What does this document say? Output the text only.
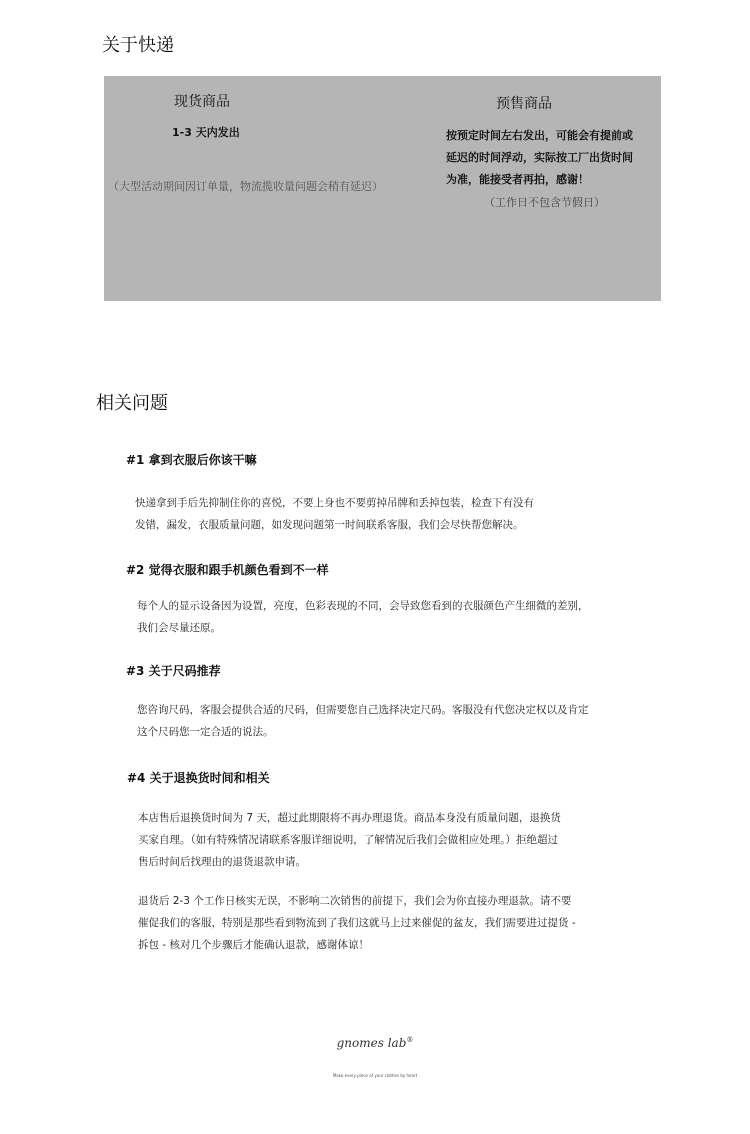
关于快递
现货商品
1-3 天内发出
（大型活动期间因订单量，物流揽收量问题会稍有延迟）
预售商品
按预定时间左右发出，可能会有提前或
延迟的时间浮动，实际按工厂出货时间
为准，能接受者再拍，感谢！
（工作日不包含节假日）
相关问题
#1 拿到衣服后你该干嘛
快递拿到手后先抑制住你的喜悦，不要上身也不要剪掉吊牌和丢掉包装，检查下有没有
发错，漏发，衣服质量问题，如发现问题第一时间联系客服，我们会尽快帮您解决。
#2 觉得衣服和跟手机颜色看到不一样
每个人的显示设备因为设置，亮度，色彩表现的不同，会导致您看到的衣服颜色产生细微的差别，
我们会尽量还原。
#3 关于尺码推荐
您咨询尺码，客服会提供合适的尺码，但需要您自己选择决定尺码。客服没有代您决定权以及肯定
这个尺码您一定合适的说法。
#4 关于退换货时间和相关
本店售后退换货时间为 7 天，超过此期限将不再办理退货。商品本身没有质量问题，退换货
买家自理。（如有特殊情况请联系客服详细说明，了解情况后我们会做相应处理。）拒绝超过
售后时间后找理由的退货退款申请。
退货后 2-3 个工作日核实无误，不影响二次销售的前提下，我们会为你直接办理退款。请不要
催促我们的客服，特别是那些看到物流到了我们这就马上过来催促的盆友，我们需要进过提货 -
拆包 - 核对几个步骤后才能确认退款，感谢体谅！
gnomes lab®
Make every piece of your clothes by heart
